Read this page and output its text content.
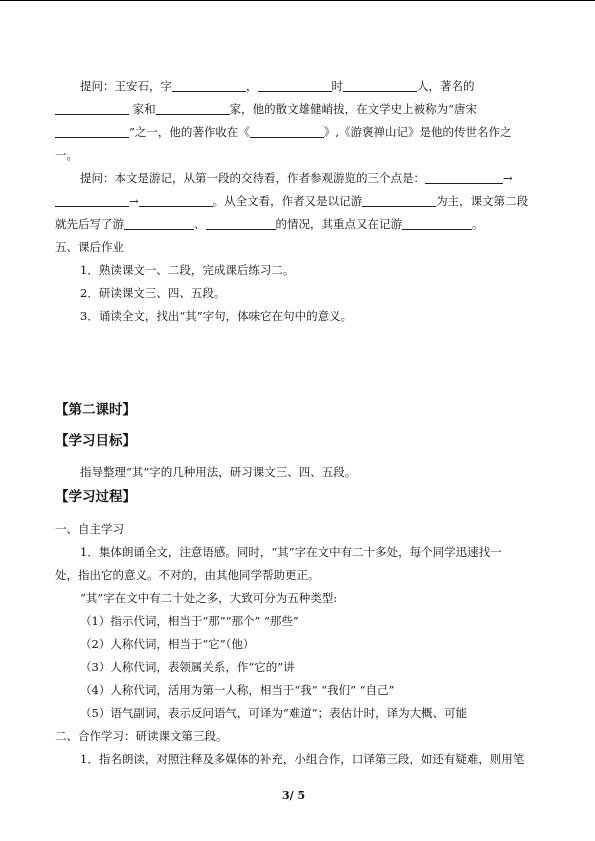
提问：王安石，字	，	时	人，著名的
家和	家，他的散文雄健峭拔，在文学史上被称为“唐宋
”之一，他的著作收在《	》,《游褒禅山记》是他的传世名作之
一。
提问：本文是游记，从第一段的交待看，作者参观游览的三个点是：	→
→	。从全文看，作者又是以记游	为主，课文第二段
就先后写了游	、	的情况，其重点又在记游	。
五、课后作业
1．熟读课文一、二段，完成课后练习二。
2．研读课文三、四、五段。
3．诵读全文，找出“其”字句，体味它在句中的意义。
【第二课时】
【学习目标】
指导整理“其”字的几种用法，研习课文三、四、五段。
【学习过程】
一、自主学习
1．集体朗诵全文，注意语感。同时，“其”字在文中有二十多处，每个同学迅速找一
处，指出它的意义。不对的，由其他同学帮助更正。
“其”字在文中有二十处之多，大致可分为五种类型:
（1）指示代词，相当于“那”“那个” “那些”
（2）人称代词，相当于“它”（他）
（3）人称代词，表领属关系，作“它的”讲
（4）人称代词，活用为第一人称，相当于“我” “我们” “自己”
（5）语气副词，表示反问语气，可译为“难道”；表估计时，译为大概、可能
二、合作学习：研读课文第三段。
1．指名朗读，对照注释及多媒体的补充，小组合作，口译第三段，如还有疑难，则用笔
3/ 5
